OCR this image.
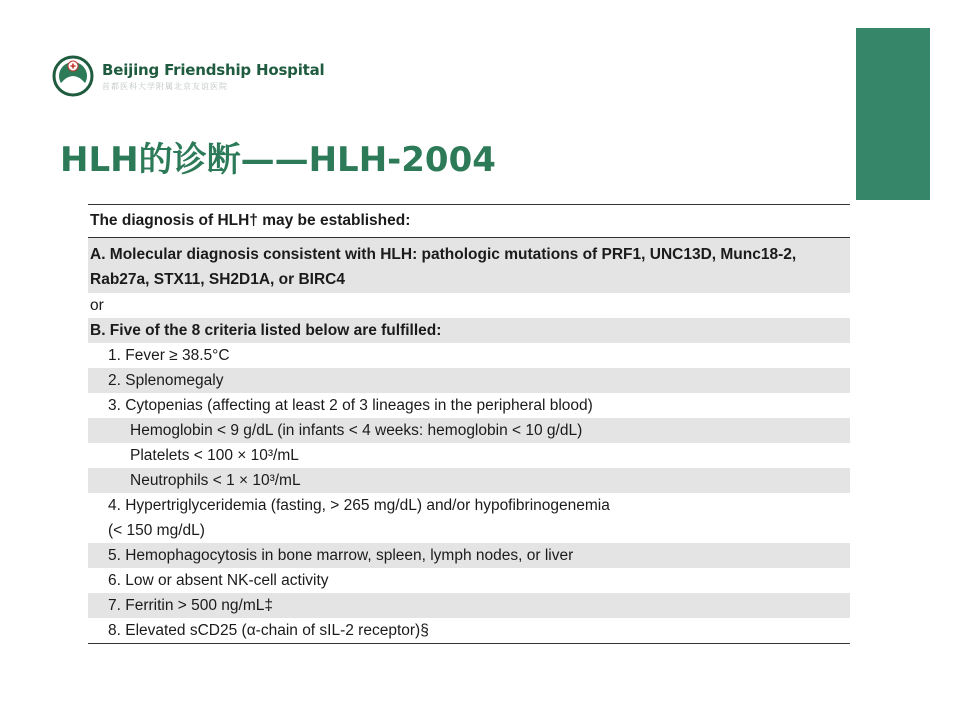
Beijing Friendship Hospital
首都医科大学附属北京友谊医院
HLH的诊断——HLH-2004
The diagnosis of HLH† may be established:
A. Molecular diagnosis consistent with HLH: pathologic mutations of PRF1, UNC13D, Munc18-2, Rab27a, STX11, SH2D1A, or BIRC4
or
B. Five of the 8 criteria listed below are fulfilled:
1. Fever ≥ 38.5°C
2. Splenomegaly
3. Cytopenias (affecting at least 2 of 3 lineages in the peripheral blood)
Hemoglobin < 9 g/dL (in infants < 4 weeks: hemoglobin < 10 g/dL)
Platelets < 100 × 10³/mL
Neutrophils < 1 × 10³/mL
4. Hypertriglyceridemia (fasting, > 265 mg/dL) and/or hypofibrinogenemia
(< 150 mg/dL)
5. Hemophagocytosis in bone marrow, spleen, lymph nodes, or liver
6. Low or absent NK-cell activity
7. Ferritin > 500 ng/mL‡
8. Elevated sCD25 (α-chain of sIL-2 receptor)§
